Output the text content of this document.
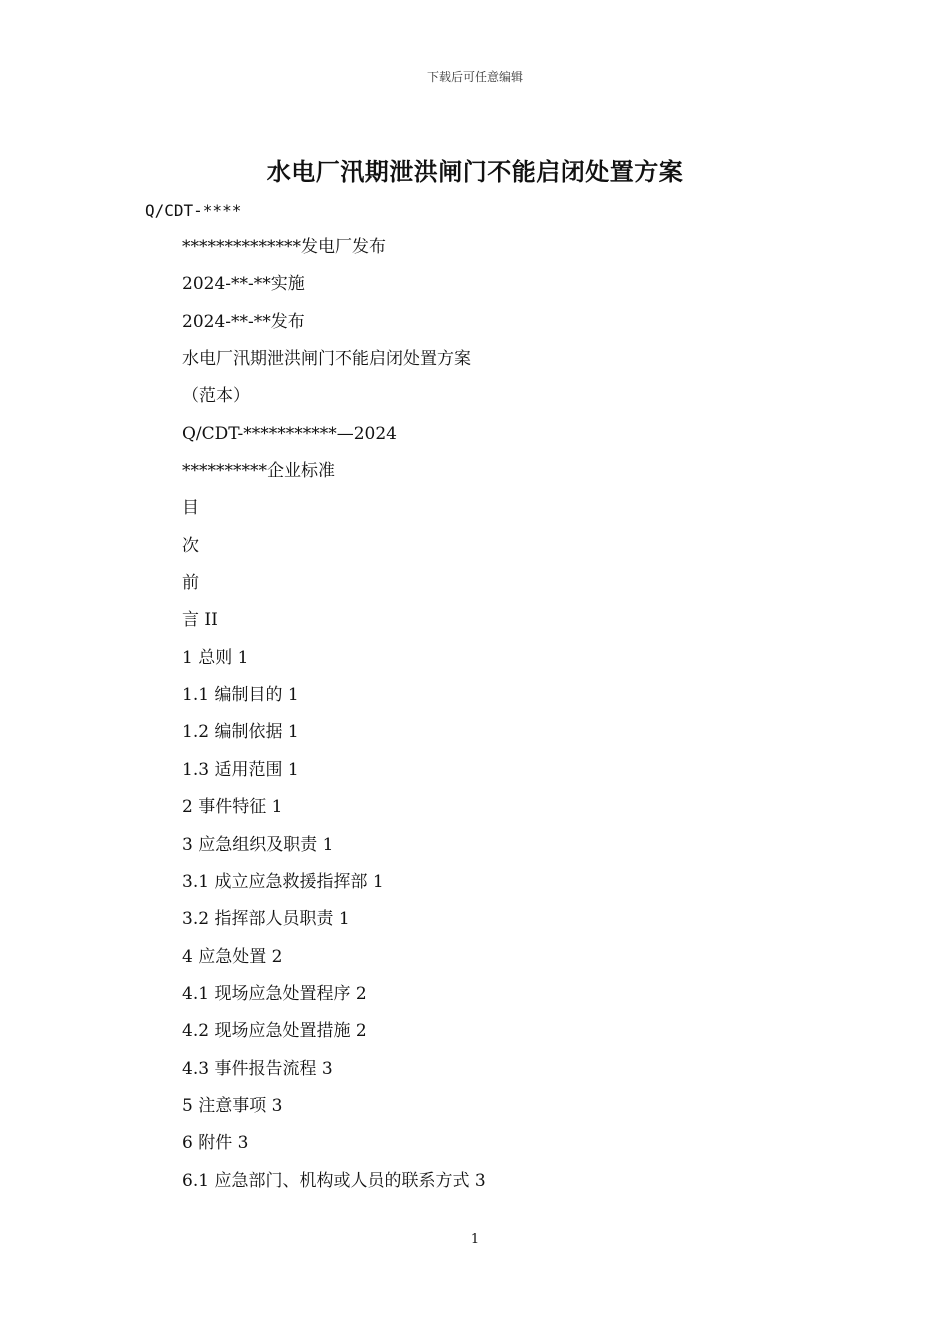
下载后可任意编辑
水电厂汛期泄洪闸门不能启闭处置方案
Q/CDT-****
**************发电厂发布
2024-**-**实施
2024-**-**发布
水电厂汛期泄洪闸门不能启闭处置方案
（范本）
Q/CDT-***********—2024
**********企业标准
目
次
前
言 II
1 总则 1
1.1 编制目的 1
1.2 编制依据 1
1.3 适用范围 1
2 事件特征 1
3 应急组织及职责 1
3.1 成立应急救援指挥部 1
3.2 指挥部人员职责 1
4 应急处置 2
4.1 现场应急处置程序 2
4.2 现场应急处置措施 2
4.3 事件报告流程 3
5 注意事项 3
6 附件 3
6.1 应急部门、机构或人员的联系方式 3
1
